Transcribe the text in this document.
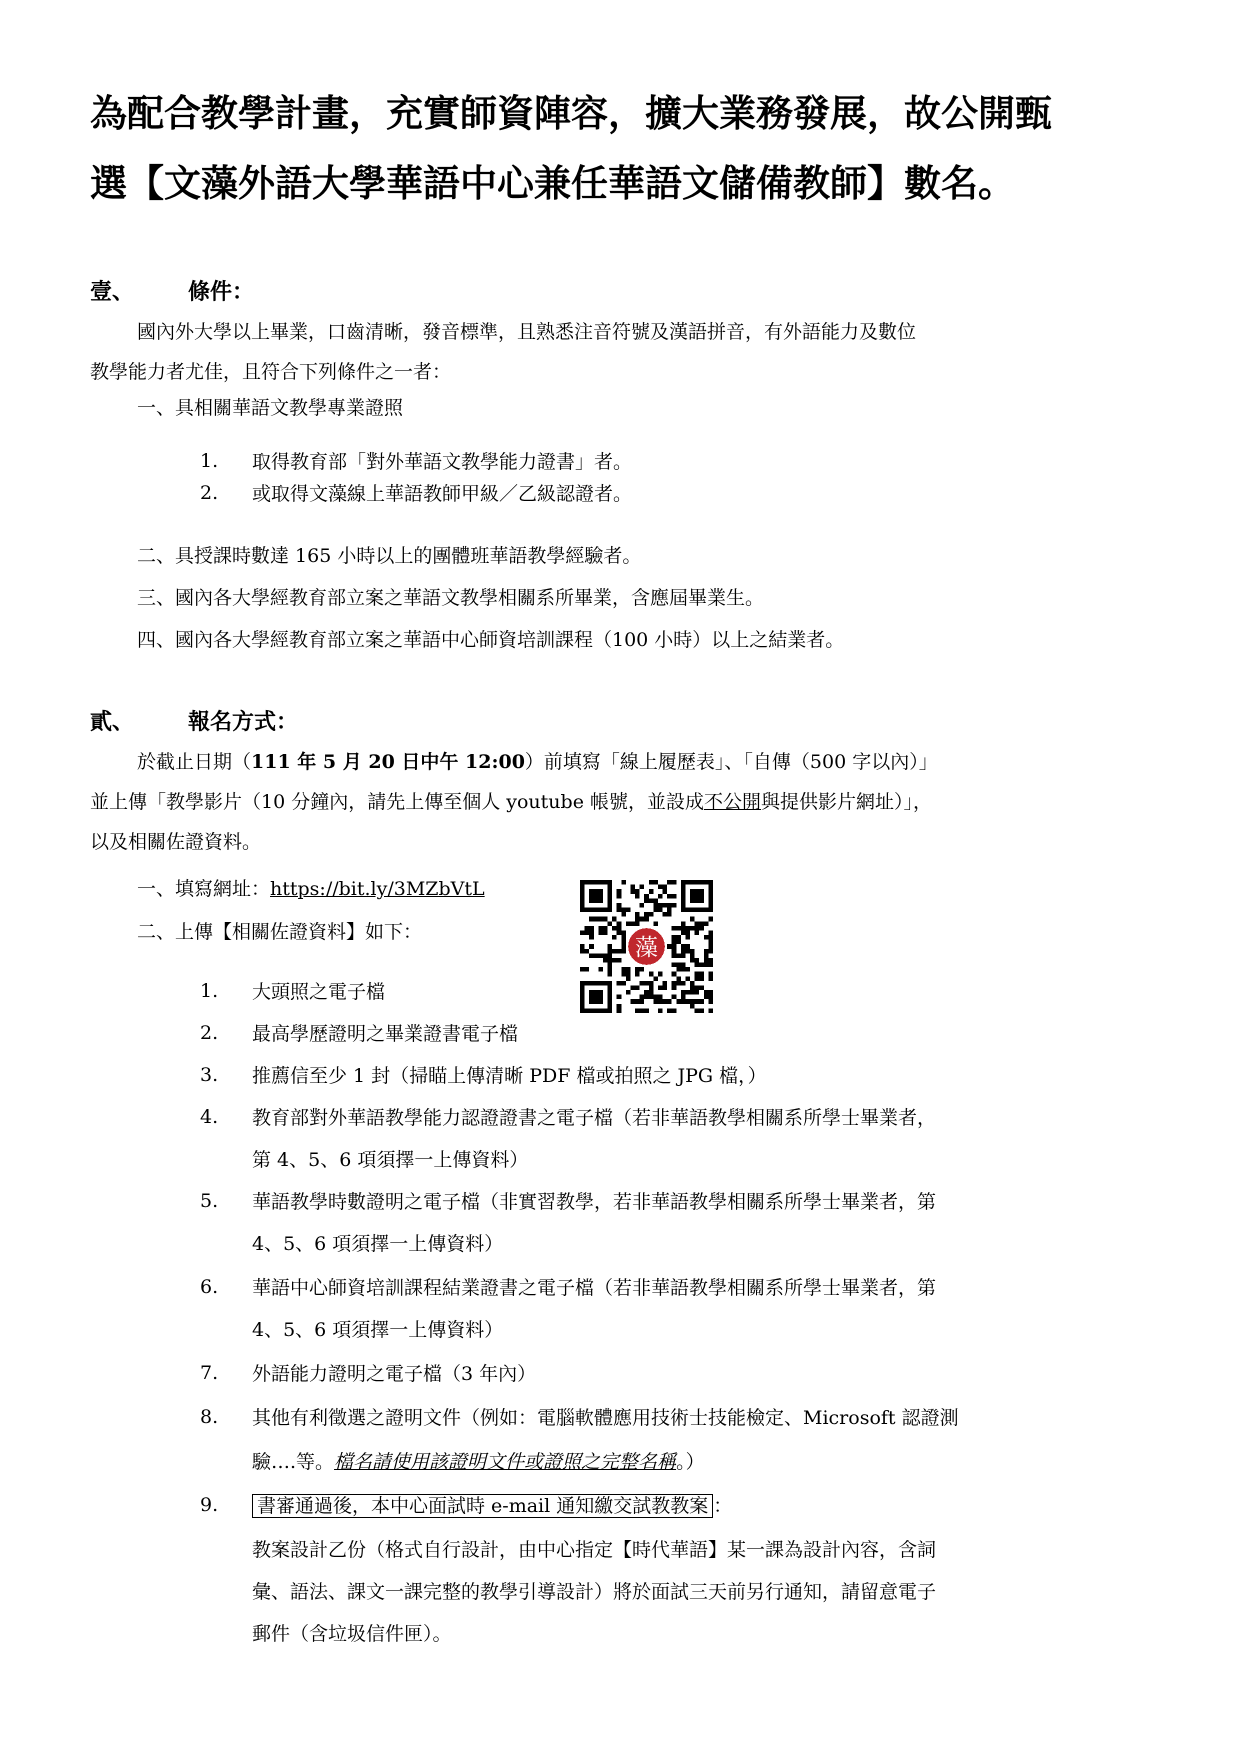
為配合教學計畫，充實師資陣容，擴大業務發展，故公開甄
選【文藻外語大學華語中心兼任華語文儲備教師】數名。
壹、 條件：
國內外大學以上畢業，口齒清晰，發音標準，且熟悉注音符號及漢語拼音，有外語能力及數位
教學能力者尤佳，且符合下列條件之一者：
一、具相關華語文教學專業證照
1. 取得教育部「對外華語文教學能力證書」者。
2. 或取得文藻線上華語教師甲級／乙級認證者。
二、具授課時數達 165 小時以上的團體班華語教學經驗者。
三、國內各大學經教育部立案之華語文教學相關系所畢業，含應屆畢業生。
四、國內各大學經教育部立案之華語中心師資培訓課程（100 小時）以上之結業者。
貳、 報名方式：
於截止日期（111 年 5 月 20 日中午 12:00）前填寫「線上履歷表」、「自傳（500 字以內）」
並上傳「教學影片（10 分鐘內，請先上傳至個人 youtube 帳號，並設成不公開與提供影片網址）」，
以及相關佐證資料。
一、填寫網址：https://bit.ly/3MZbVtL
二、上傳【相關佐證資料】如下：
藻
1. 大頭照之電子檔
2. 最高學歷證明之畢業證書電子檔
3. 推薦信至少 1 封（掃瞄上傳清晰 PDF 檔或拍照之 JPG 檔，）
4. 教育部對外華語教學能力認證證書之電子檔（若非華語教學相關系所學士畢業者，
第 4、5、6 項須擇一上傳資料）
5. 華語教學時數證明之電子檔（非實習教學，若非華語教學相關系所學士畢業者，第
4、5、6 項須擇一上傳資料）
6. 華語中心師資培訓課程結業證書之電子檔（若非華語教學相關系所學士畢業者，第
4、5、6 項須擇一上傳資料）
7. 外語能力證明之電子檔（3 年內）
8. 其他有利徵選之證明文件（例如：電腦軟體應用技術士技能檢定、Microsoft 認證測
驗….等。檔名請使用該證明文件或證照之完整名稱。）
9. 書審通過後，本中心面試時 e-mail 通知繳交試教教案 ：
教案設計乙份（格式自行設計，由中心指定【時代華語】某一課為設計內容，含詞
彙、語法、課文一課完整的教學引導設計）將於面試三天前另行通知，請留意電子
郵件（含垃圾信件匣）。
